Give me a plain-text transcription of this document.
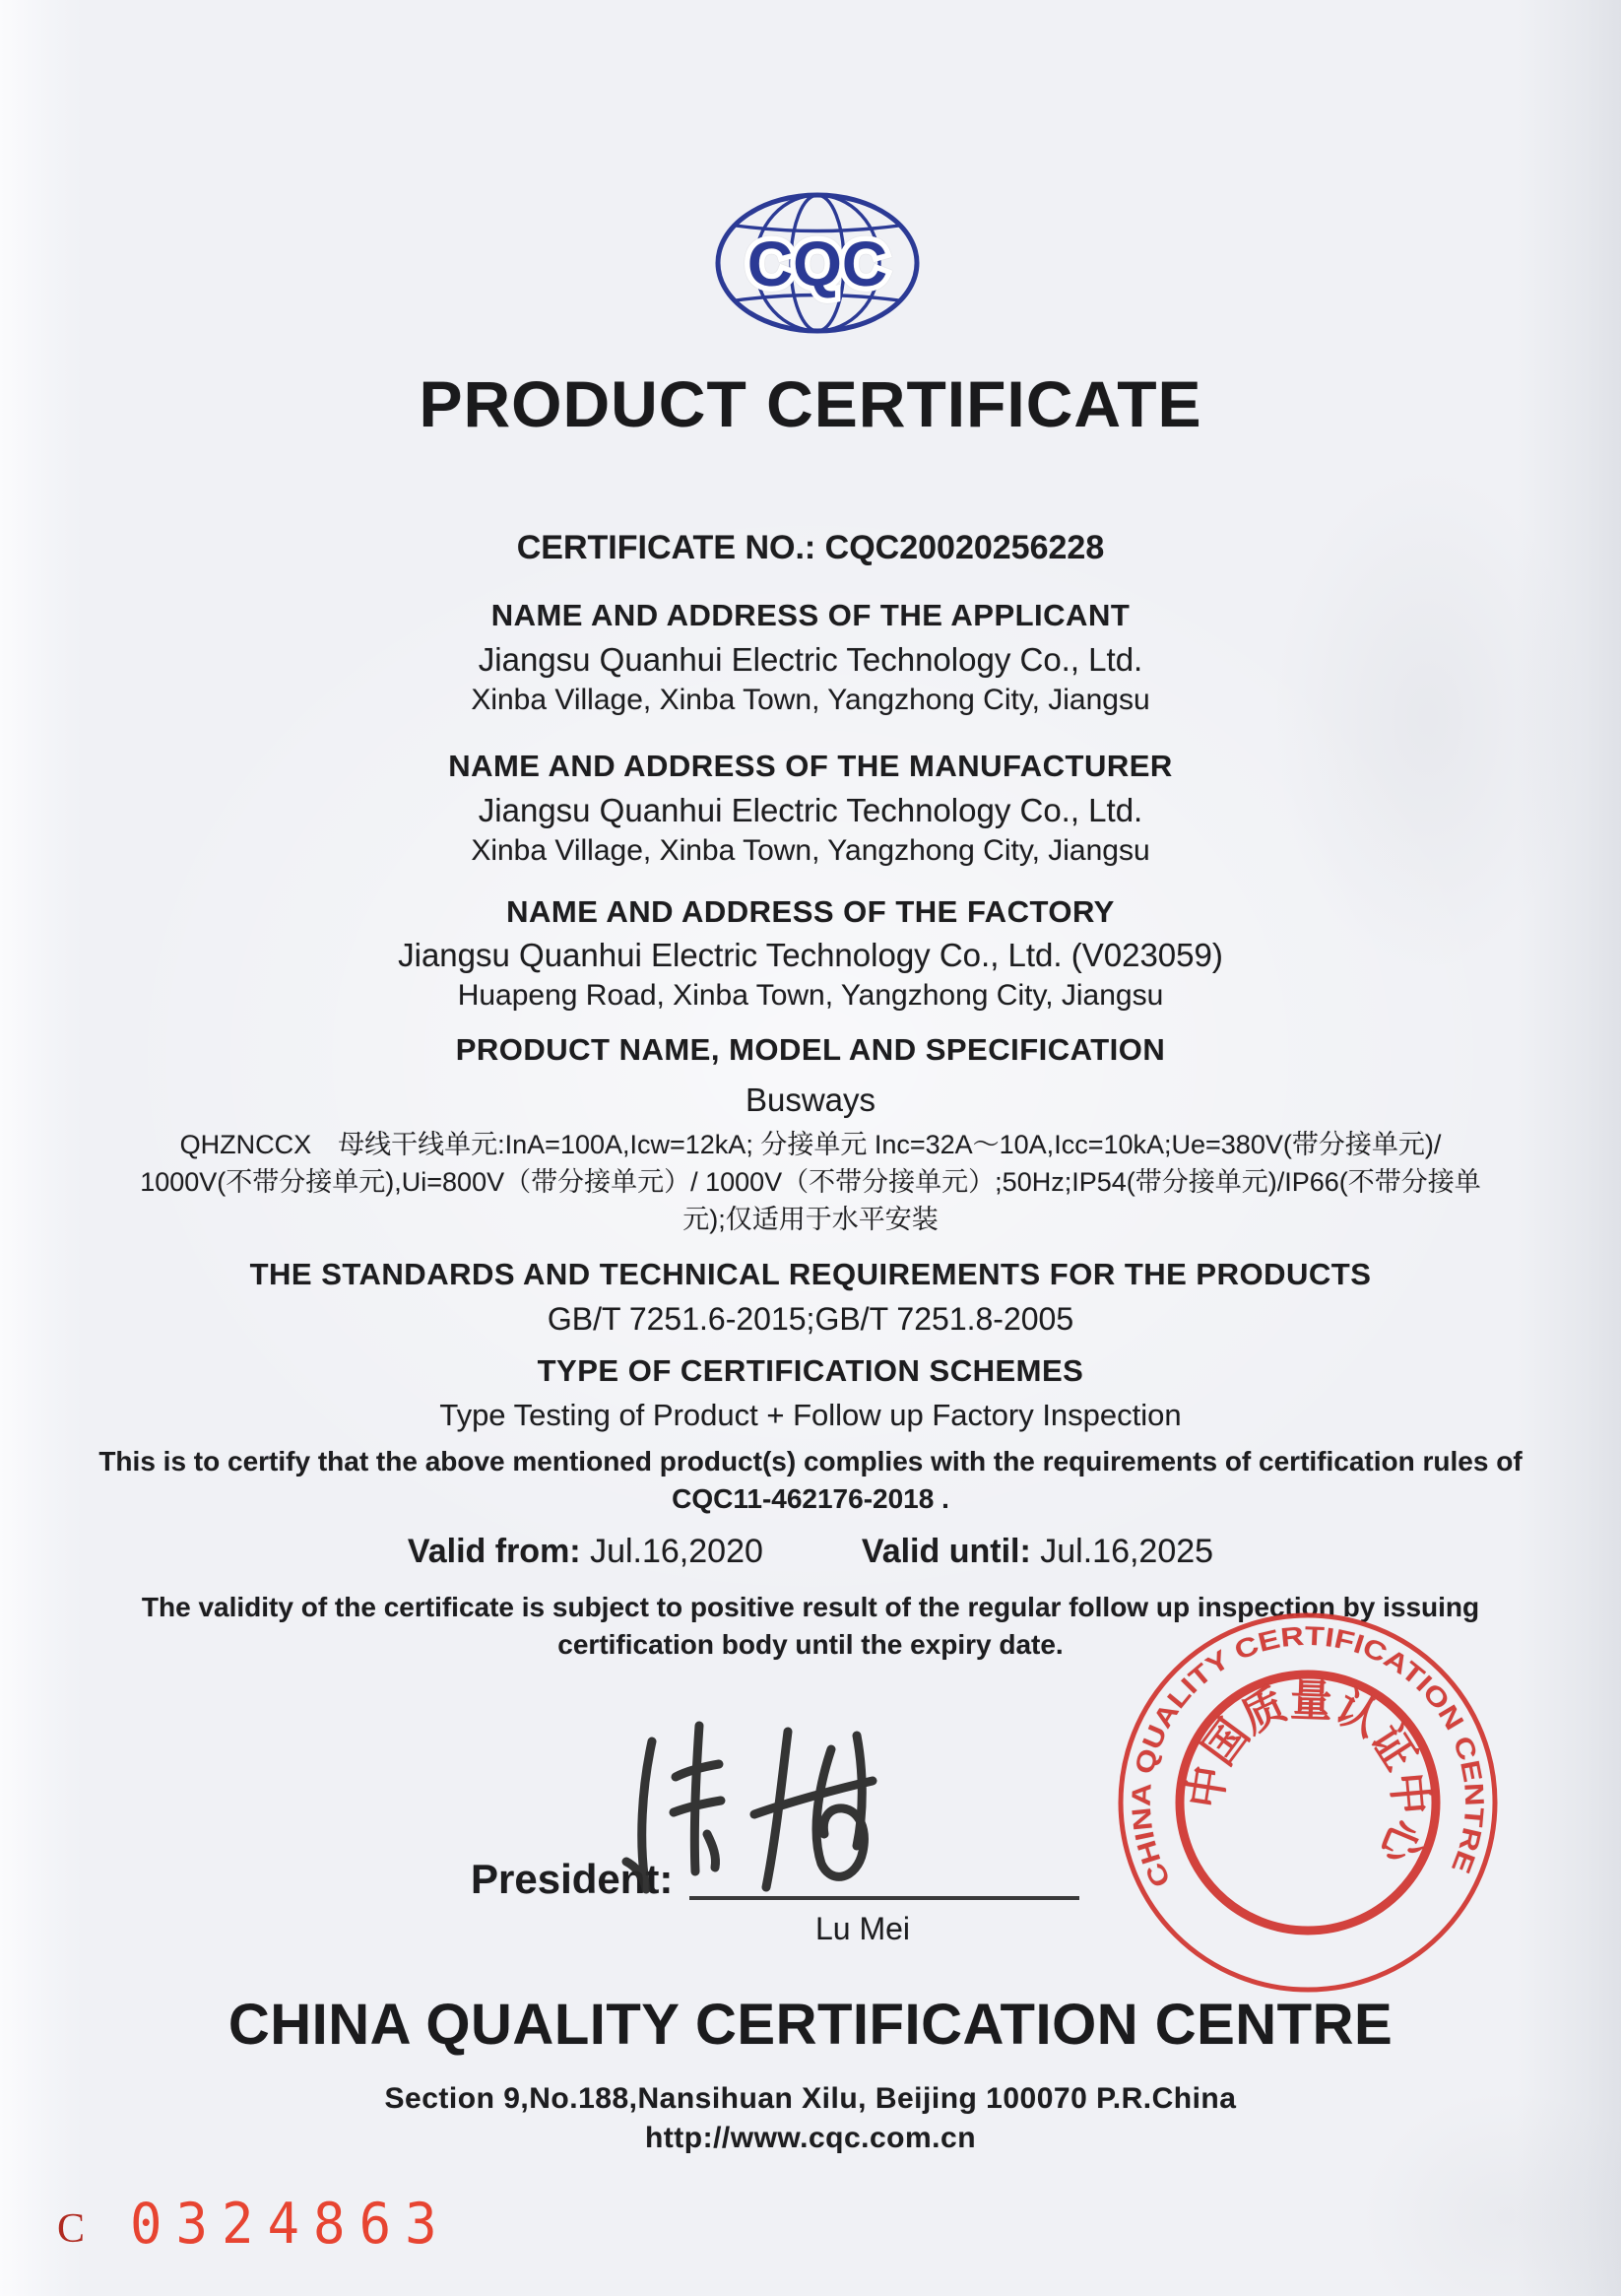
CQC
PRODUCT CERTIFICATE
CERTIFICATE NO.: CQC20020256228
NAME AND ADDRESS OF THE APPLICANT
Jiangsu Quanhui Electric Technology Co., Ltd.
Xinba Village, Xinba Town, Yangzhong City, Jiangsu
NAME AND ADDRESS OF THE MANUFACTURER
Jiangsu Quanhui Electric Technology Co., Ltd.
Xinba Village, Xinba Town, Yangzhong City, Jiangsu
NAME AND ADDRESS OF THE FACTORY
Jiangsu Quanhui Electric Technology Co., Ltd. (V023059)
Huapeng Road, Xinba Town, Yangzhong City, Jiangsu
PRODUCT NAME, MODEL AND SPECIFICATION
Busways
QHZNCCX　母线干线单元:InA=100A,Icw=12kA; 分接单元 Inc=32A～10A,Icc=10kA;Ue=380V(带分接单元)/ 1000V(不带分接单元),Ui=800V（带分接单元）/ 1000V（不带分接单元）;50Hz;IP54(带分接单元)/IP66(不带分接单元);仅适用于水平安装
THE STANDARDS AND TECHNICAL REQUIREMENTS FOR THE PRODUCTS
GB/T 7251.6-2015;GB/T 7251.8-2005
TYPE OF CERTIFICATION SCHEMES
Type Testing of Product + Follow up Factory Inspection
This is to certify that the above mentioned product(s) complies with the requirements of certification rules of CQC11-462176-2018 .
Valid from: Jul.16,2020	Valid until: Jul.16,2025
The validity of the certificate is subject to positive result of the regular follow up inspection by issuing certification body until the expiry date.
President:
Lu Mei
CHINA QUALITY CERTIFICATION CENTRE
中国质量认证中心
CHINA QUALITY CERTIFICATION CENTRE
Section 9,No.188,Nansihuan Xilu, Beijing 100070 P.R.China
http://www.cqc.com.cn
C 0324863
